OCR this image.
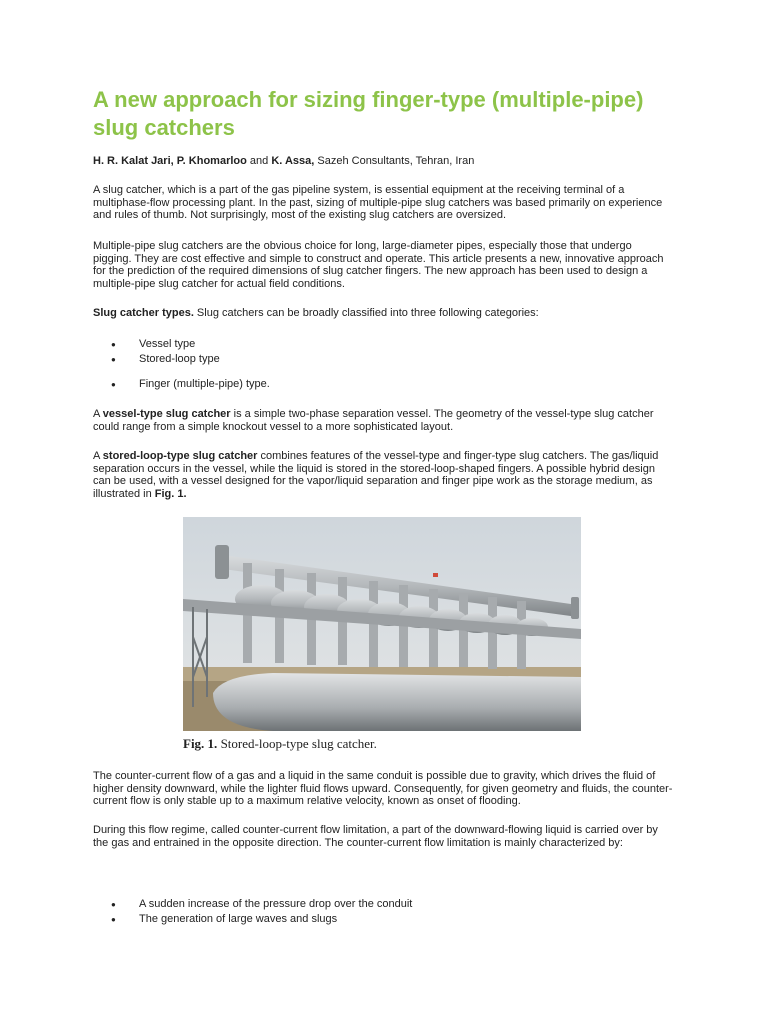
A new approach for sizing finger-type (multiple-pipe) slug catchers
H. R. Kalat Jari, P. Khomarloo and K. Assa, Sazeh Consultants, Tehran, Iran

A slug catcher, which is a part of the gas pipeline system, is essential equipment at the receiving terminal of a multiphase-flow processing plant. In the past, sizing of multiple-pipe slug catchers was based primarily on experience and rules of thumb. Not surprisingly, most of the existing slug catchers are oversized.

Multiple-pipe slug catchers are the obvious choice for long, large-diameter pipes, especially those that undergo pigging. They are cost effective and simple to construct and operate. This article presents a new, innovative approach for the prediction of the required dimensions of slug catcher fingers. The new approach has been used to design a multiple-pipe slug catcher for actual field conditions.

Slug catcher types. Slug catchers can be broadly classified into three following categories:

● Vessel type
● Stored-loop type
● Finger (multiple-pipe) type.

A vessel-type slug catcher is a simple two-phase separation vessel. The geometry of the vessel-type slug catcher could range from a simple knockout vessel to a more sophisticated layout.

A stored-loop-type slug catcher combines features of the vessel-type and finger-type slug catchers. The gas/liquid separation occurs in the vessel, while the liquid is stored in the stored-loop-shaped fingers. A possible hybrid design can be used, with a vessel designed for the vapor/liquid separation and finger pipe work as the storage medium, as illustrated in Fig. 1.

Fig. 1. Stored-loop-type slug catcher.

The counter-current flow of a gas and a liquid in the same conduit is possible due to gravity, which drives the fluid of higher density downward, while the lighter fluid flows upward. Consequently, for given geometry and fluids, the counter-current flow is only stable up to a maximum relative velocity, known as onset of flooding.

During this flow regime, called counter-current flow limitation, a part of the downward-flowing liquid is carried over by the gas and entrained in the opposite direction. The counter-current flow limitation is mainly characterized by:

● A sudden increase of the pressure drop over the conduit
● The generation of large waves and slugs
